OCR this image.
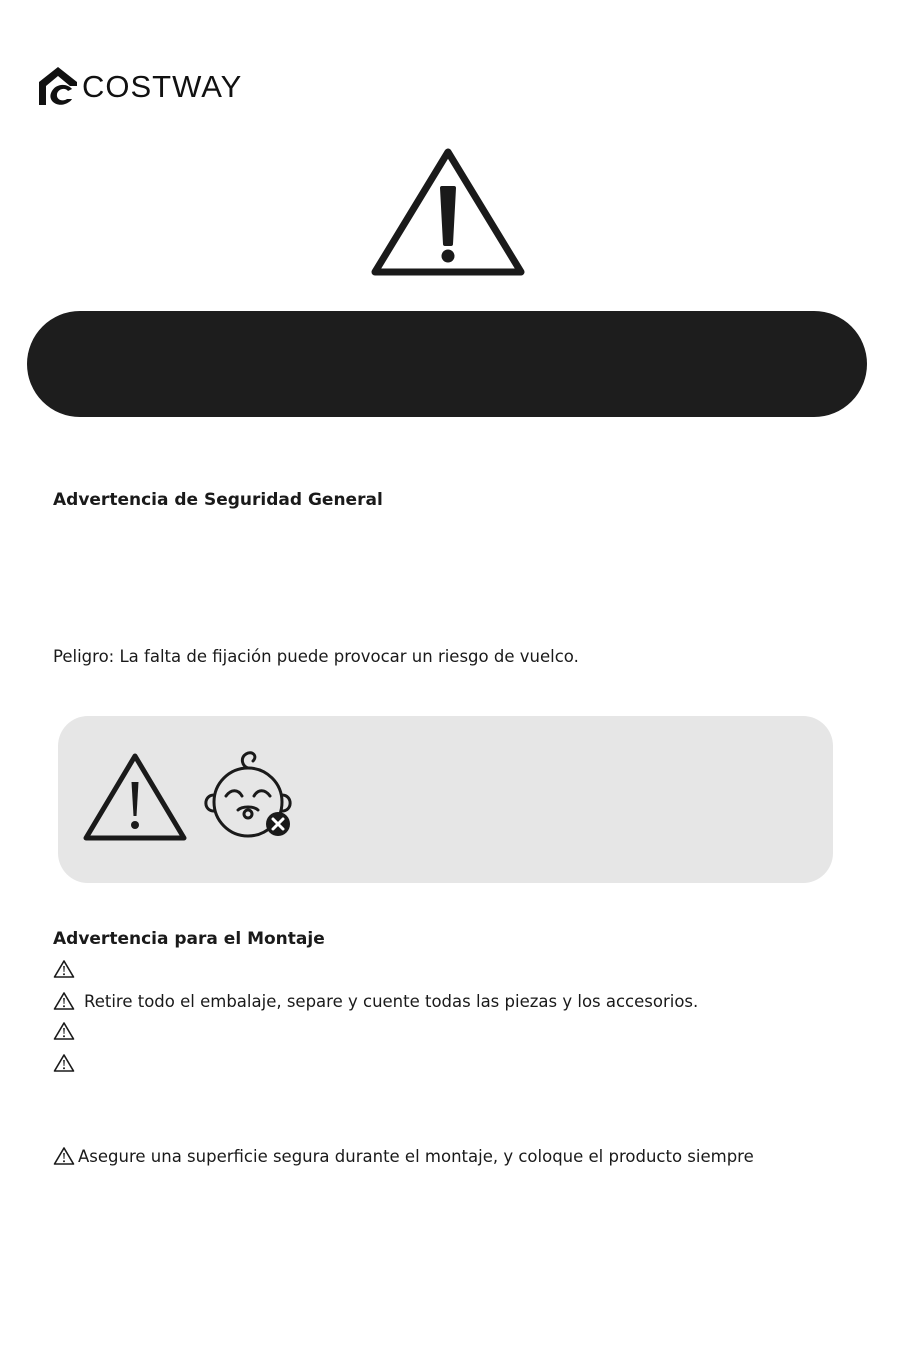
COSTWAY
Advertencia de Seguridad General
Peligro: La falta de fijación puede provocar un riesgo de vuelco.
Advertencia para el Montaje
Retire todo el embalaje, separe y cuente todas las piezas y los accesorios.
Asegure una superficie segura durante el montaje, y coloque el producto siempre
